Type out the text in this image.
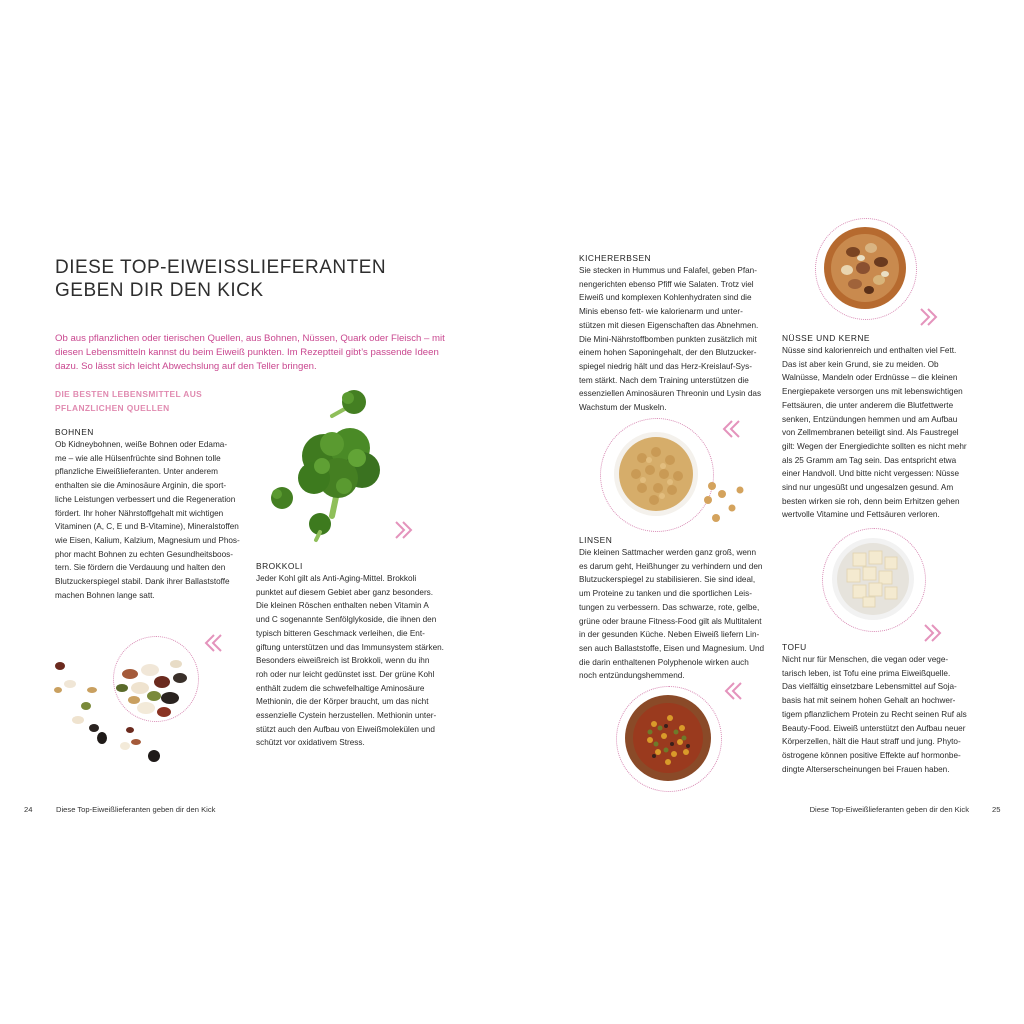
DIESE TOP-EIWEISSLIEFERANTEN
GEBEN DIR DEN KICK
Ob aus pflanzlichen oder tierischen Quellen, aus Bohnen, Nüssen, Quark oder Fleisch – mit diesen Lebensmitteln kannst du beim Eiweiß punkten. Im Rezeptteil gibt’s passende Ideen dazu. So lässt sich leicht Abwechslung auf den Teller bringen.
DIE BESTEN LEBENSMITTEL AUS
PFLANZLICHEN QUELLEN
BOHNEN
Ob Kidneybohnen, weiße Bohnen oder Edama-
me – wie alle Hülsenfrüchte sind Bohnen tolle
pflanzliche Eiweißlieferanten. Unter anderem
enthalten sie die Aminosäure Arginin, die sport-
liche Leistungen verbessert und die Regeneration
fördert. Ihr hoher Nährstoffgehalt mit wichtigen
Vitaminen (A, C, E und B-Vitamine), Mineralstoffen
wie Eisen, Kalium, Kalzium, Magnesium und Phos-
phor macht Bohnen zu echten Gesundheitsboos-
tern. Sie fördern die Verdauung und halten den
Blutzuckerspiegel stabil. Dank ihrer Ballaststoffe
machen Bohnen lange satt.
BROKKOLI
Jeder Kohl gilt als Anti-Aging-Mittel. Brokkoli
punktet auf diesem Gebiet aber ganz besonders.
Die kleinen Röschen enthalten neben Vitamin A
und C sogenannte Senfölglykoside, die ihnen den
typisch bitteren Geschmack verleihen, die Ent-
giftung unterstützen und das Immunsystem stärken.
Besonders eiweißreich ist Brokkoli, wenn du ihn
roh oder nur leicht gedünstet isst. Der grüne Kohl
enthält zudem die schwefelhaltige Aminosäure
Methionin, die der Körper braucht, um das nicht
essenzielle Cystein herzustellen. Methionin unter-
stützt auch den Aufbau von Eiweißmolekülen und
schützt vor oxidativem Stress.
24	Diese Top-Eiweißlieferanten geben dir den Kick
KICHERERBSEN
Sie stecken in Hummus und Falafel, geben Pfan-
nengerichten ebenso Pfiff wie Salaten. Trotz viel
Eiweiß und komplexen Kohlenhydraten sind die
Minis ebenso fett- wie kalorienarm und unter-
stützen mit diesen Eigenschaften das Abnehmen.
Die Mini-Nährstoffbomben punkten zusätzlich mit
einem hohen Saponingehalt, der den Blutzucker-
spiegel niedrig hält und das Herz-Kreislauf-Sys-
tem stärkt. Nach dem Training unterstützen die
essenziellen Aminosäuren Threonin und Lysin das
Wachstum der Muskeln.
LINSEN
Die kleinen Sattmacher werden ganz groß, wenn
es darum geht, Heißhunger zu verhindern und den
Blutzuckerspiegel zu stabilisieren. Sie sind ideal,
um Proteine zu tanken und die sportlichen Leis-
tungen zu verbessern. Das schwarze, rote, gelbe,
grüne oder braune Fitness-Food gilt als Multitalent
in der gesunden Küche. Neben Eiweiß liefern Lin-
sen auch Ballaststoffe, Eisen und Magnesium. Und
die darin enthaltenen Polyphenole wirken auch
noch entzündungshemmend.
NÜSSE UND KERNE
Nüsse sind kalorienreich und enthalten viel Fett.
Das ist aber kein Grund, sie zu meiden. Ob
Walnüsse, Mandeln oder Erdnüsse – die kleinen
Energiepakete versorgen uns mit lebenswichtigen
Fettsäuren, die unter anderem die Blutfettwerte
senken, Entzündungen hemmen und am Aufbau
von Zellmembranen beteiligt sind. Als Faustregel
gilt: Wegen der Energiedichte sollten es nicht mehr
als 25 Gramm am Tag sein. Das entspricht etwa
einer Handvoll. Und bitte nicht vergessen: Nüsse
sind nur ungesüßt und ungesalzen gesund. Am
besten wirken sie roh, denn beim Erhitzen gehen
wertvolle Vitamine und Fettsäuren verloren.
TOFU
Nicht nur für Menschen, die vegan oder vege-
tarisch leben, ist Tofu eine prima Eiweißquelle.
Das vielfältig einsetzbare Lebensmittel auf Soja-
basis hat mit seinem hohen Gehalt an hochwer-
tigem pflanzlichem Protein zu Recht seinen Ruf als
Beauty-Food. Eiweiß unterstützt den Aufbau neuer
Körperzellen, hält die Haut straff und jung. Phyto-
östrogene können positive Effekte auf hormonbe-
dingte Alterserscheinungen bei Frauen haben.
Diese Top-Eiweißlieferanten geben dir den Kick	25
